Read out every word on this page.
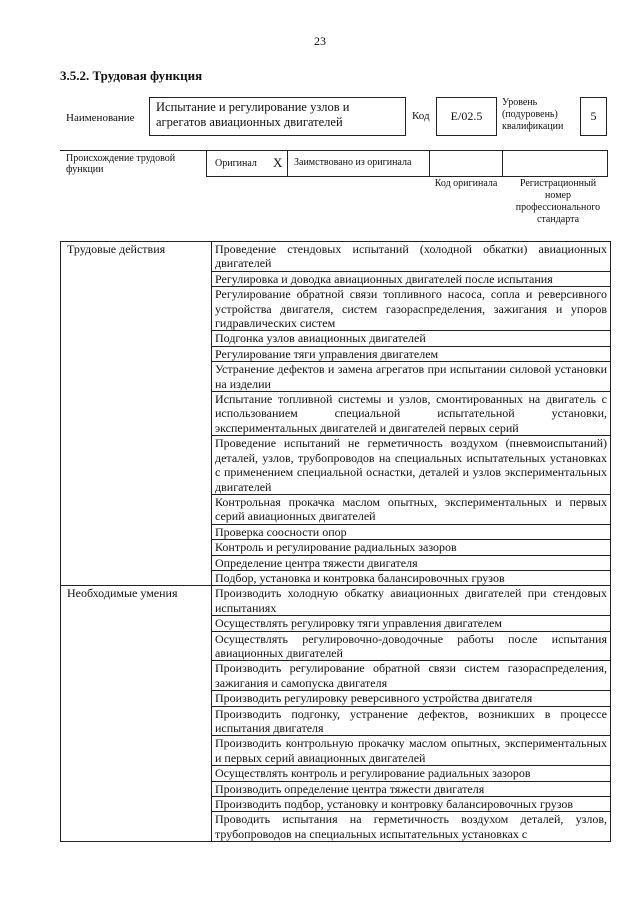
23
3.5.2. Трудовая функция
Наименование
Испытание и регулирование узлов и агрегатов авиационных двигателей	Код E/02.5
Уровень (подуровень) квалификации
5
Происхождение трудовой функции
Оригинал X Заимствовано из оригинала
Код оригинала	Регистрационный номер профессионального стандарта
Трудовые действия	Проведение стендовых испытаний (холодной обкатки) авиационных двигателей
	Регулировка и доводка авиационных двигателей после испытания
	Регулирование обратной связи топливного насоса, сопла и реверсивного устройства двигателя, систем газораспределения, зажигания и упоров гидравлических систем
	Подгонка узлов авиационных двигателей
	Регулирование тяги управления двигателем
	Устранение дефектов и замена агрегатов при испытании силовой установки на изделии
	Испытание топливной системы и узлов, смонтированных на двигатель с использованием специальной испытательной установки, экспериментальных двигателей и двигателей первых серий
	Проведение испытаний не герметичность воздухом (пневмоиспытаний) деталей, узлов, трубопроводов на специальных испытательных установках с применением специальной оснастки, деталей и узлов экспериментальных двигателей
	Контрольная прокачка маслом опытных, экспериментальных и первых серий авиационных двигателей
	Проверка соосности опор
	Контроль и регулирование радиальных зазоров
	Определение центра тяжести двигателя
	Подбор, установка и контровка балансировочных грузов
Необходимые умения	Производить холодную обкатку авиационных двигателей при стендовых испытаниях
	Осуществлять регулировку тяги управления двигателем
	Осуществлять регулировочно-доводочные работы после испытания авиационных двигателей
	Производить регулирование обратной связи систем газораспределения, зажигания и самопуска двигателя
	Производить регулировку реверсивного устройства двигателя
	Производить подгонку, устранение дефектов, возникших в процессе испытания двигателя
	Производить контрольную прокачку маслом опытных, экспериментальных и первых серий авиационных двигателей
	Осуществлять контроль и регулирование радиальных зазоров
	Производить определение центра тяжести двигателя
	Производить подбор, установку и контровку балансировочных грузов
	Проводить испытания на герметичность воздухом деталей, узлов, трубопроводов на специальных испытательных установках с
